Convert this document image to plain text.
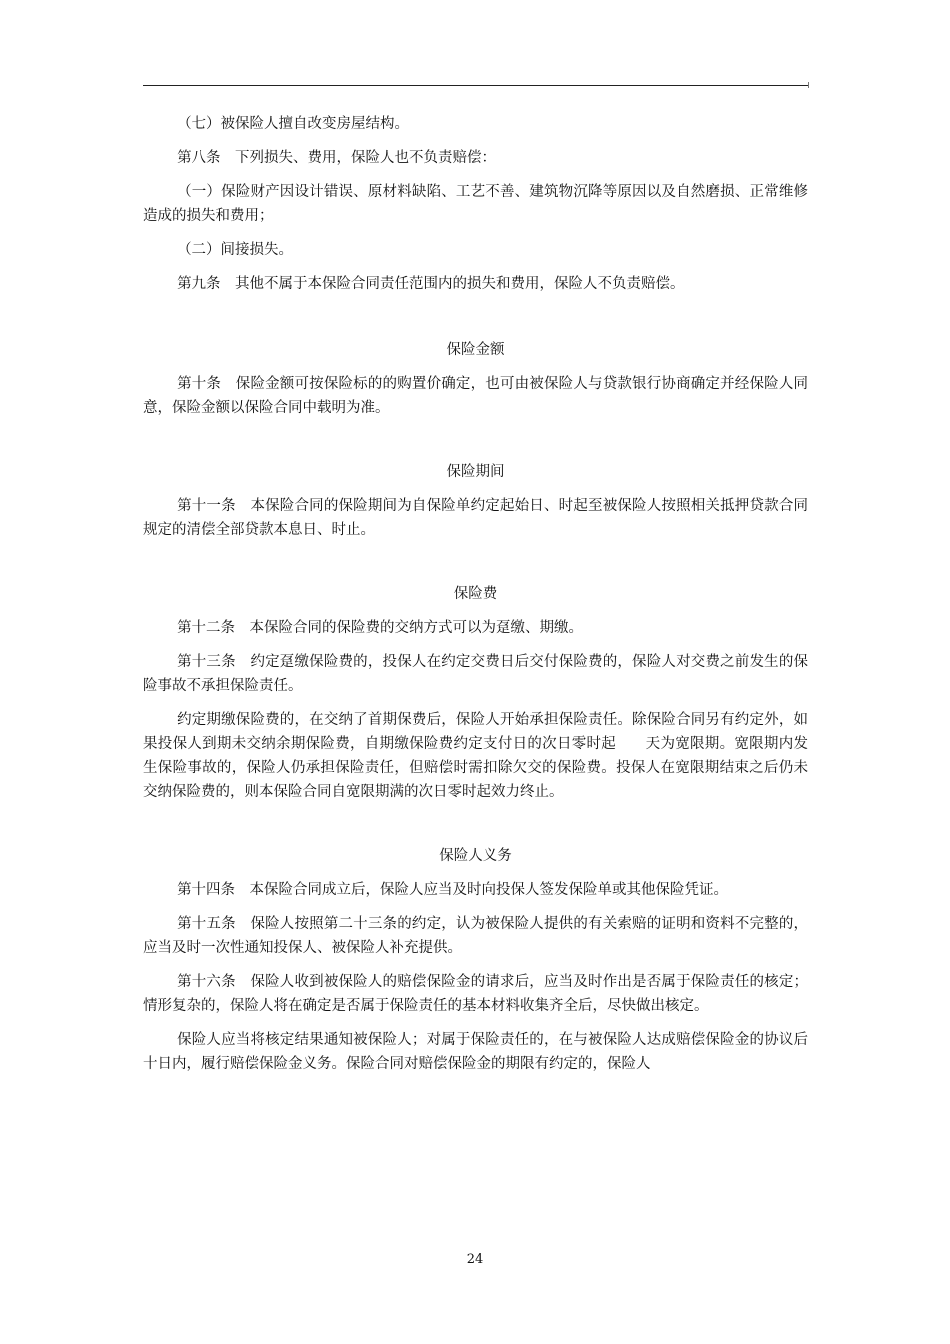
（七）被保险人擅自改变房屋结构。

第八条　下列损失、费用，保险人也不负责赔偿：

（一）保险财产因设计错误、原材料缺陷、工艺不善、建筑物沉降等原因以及自然磨损、正常维修造成的损失和费用；

（二）间接损失。

第九条　其他不属于本保险合同责任范围内的损失和费用，保险人不负责赔偿。

保险金额

第十条　保险金额可按保险标的的购置价确定，也可由被保险人与贷款银行协商确定并经保险人同意，保险金额以保险合同中载明为准。

保险期间

第十一条　本保险合同的保险期间为自保险单约定起始日、时起至被保险人按照相关抵押贷款合同规定的清偿全部贷款本息日、时止。

保险费

第十二条　本保险合同的保险费的交纳方式可以为趸缴、期缴。

第十三条　约定趸缴保险费的，投保人在约定交费日后交付保险费的，保险人对交费之前发生的保险事故不承担保险责任。

约定期缴保险费的，在交纳了首期保费后，保险人开始承担保险责任。除保险合同另有约定外，如果投保人到期未交纳余期保险费，自期缴保险费约定支付日的次日零时起　　天为宽限期。宽限期内发生保险事故的，保险人仍承担保险责任，但赔偿时需扣除欠交的保险费。投保人在宽限期结束之后仍未交纳保险费的，则本保险合同自宽限期满的次日零时起效力终止。

保险人义务

第十四条　本保险合同成立后，保险人应当及时向投保人签发保险单或其他保险凭证。

第十五条　保险人按照第二十三条的约定，认为被保险人提供的有关索赔的证明和资料不完整的，应当及时一次性通知投保人、被保险人补充提供。

第十六条　保险人收到被保险人的赔偿保险金的请求后，应当及时作出是否属于保险责任的核定；情形复杂的，保险人将在确定是否属于保险责任的基本材料收集齐全后，尽快做出核定。

保险人应当将核定结果通知被保险人；对属于保险责任的，在与被保险人达成赔偿保险金的协议后十日内，履行赔偿保险金义务。保险合同对赔偿保险金的期限有约定的，保险人

24
